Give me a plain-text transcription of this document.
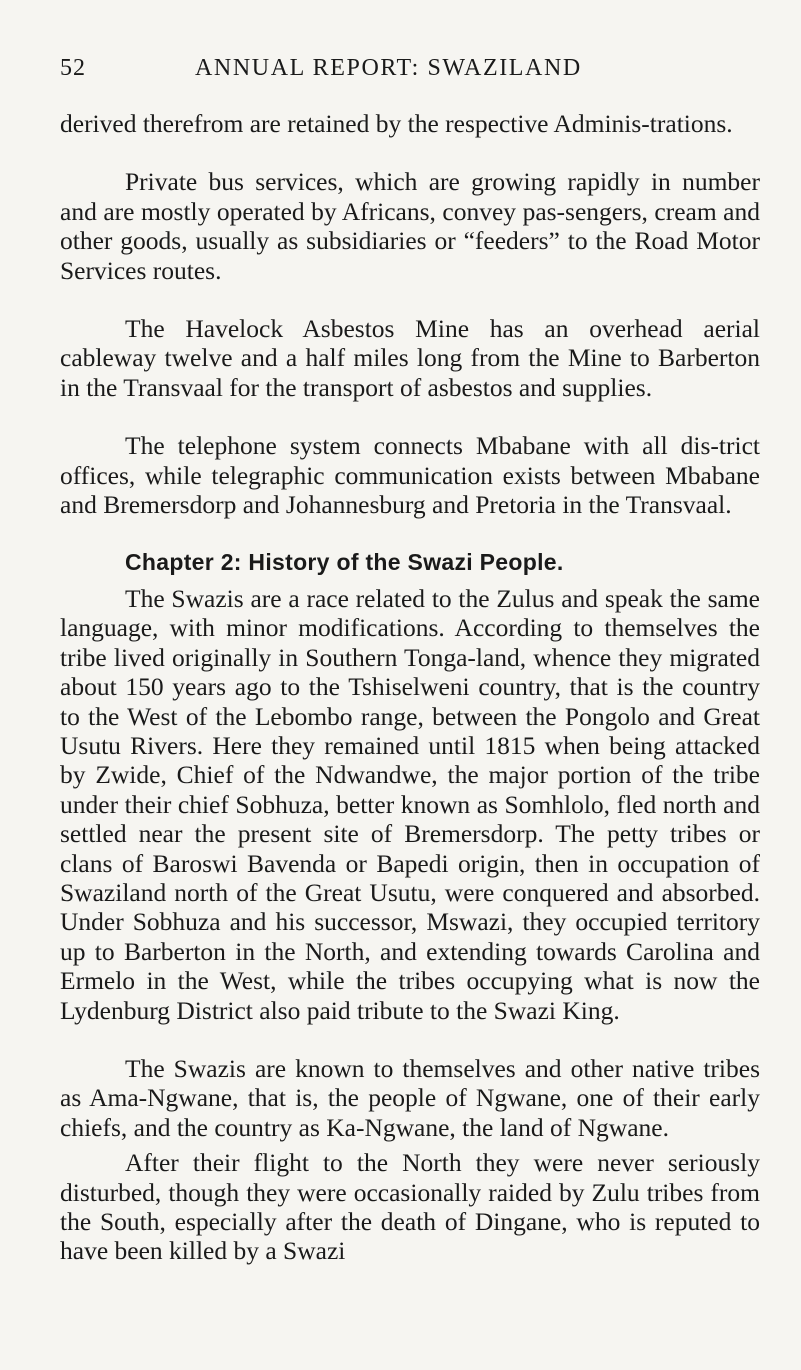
52	ANNUAL REPORT: SWAZILAND

derived therefrom are retained by the respective Adminis-trations.

Private bus services, which are growing rapidly in number and are mostly operated by Africans, convey pas-sengers, cream and other goods, usually as subsidiaries or “feeders” to the Road Motor Services routes.

The Havelock Asbestos Mine has an overhead aerial cableway twelve and a half miles long from the Mine to Barberton in the Transvaal for the transport of asbestos and supplies.

The telephone system connects Mbabane with all dis-trict offices, while telegraphic communication exists between Mbabane and Bremersdorp and Johannesburg and Pretoria in the Transvaal.

Chapter 2: History of the Swazi People.

The Swazis are a race related to the Zulus and speak the same language, with minor modifications. According to themselves the tribe lived originally in Southern Tonga-land, whence they migrated about 150 years ago to the Tshiselweni country, that is the country to the West of the Lebombo range, between the Pongolo and Great Usutu Rivers. Here they remained until 1815 when being attacked by Zwide, Chief of the Ndwandwe, the major portion of the tribe under their chief Sobhuza, better known as Somhlolo, fled north and settled near the present site of Bremersdorp. The petty tribes or clans of Baroswi Bavenda or Bapedi origin, then in occupation of Swaziland north of the Great Usutu, were conquered and absorbed. Under Sobhuza and his successor, Mswazi, they occupied territory up to Barberton in the North, and extending towards Carolina and Ermelo in the West, while the tribes occupying what is now the Lydenburg District also paid tribute to the Swazi King.

The Swazis are known to themselves and other native tribes as Ama-Ngwane, that is, the people of Ngwane, one of their early chiefs, and the country as Ka-Ngwane, the land of Ngwane.

After their flight to the North they were never seriously disturbed, though they were occasionally raided by Zulu tribes from the South, especially after the death of Dingane, who is reputed to have been killed by a Swazi
